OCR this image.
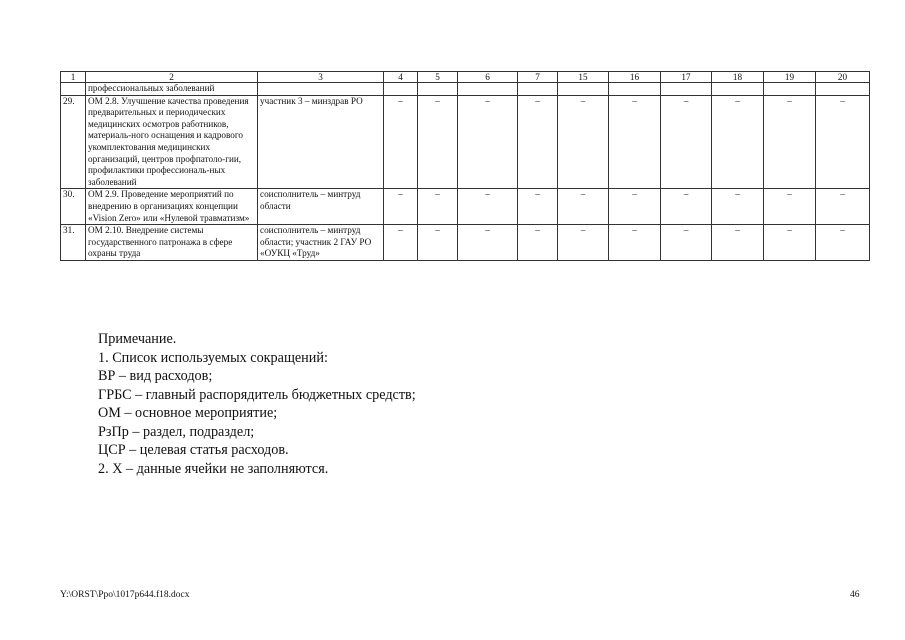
1	2	3	4	5	6	7	15	16	17	18	19	20
	профессиональных заболеваний											
29.	ОМ 2.8. Улучшение качества проведения предварительных и периодических медицинских осмотров работников, материаль-ного оснащения и кадрового укомплектования медицинских организаций, центров профпатоло-гии, профилактики профессиональ-ных заболеваний	участник 3 – минздрав РО	–	–	–	–	–	–	–	–	–	–
30.	ОМ 2.9. Проведение мероприятий по внедрению в организациях концепции «Vision Zero» или «Нулевой травматизм»	соисполнитель – минтруд области	–	–	–	–	–	–	–	–	–	–
31.	ОМ 2.10. Внедрение системы государственного патронажа в сфере охраны труда	соисполнитель – минтруд области; участник 2 ГАУ РО «ОУКЦ «Труд»	–	–	–	–	–	–	–	–	–	–
Примечание.
1. Список используемых сокращений:
ВР – вид расходов;
ГРБС – главный распорядитель бюджетных средств;
ОМ – основное мероприятие;
РзПр – раздел, подраздел;
ЦСР – целевая статья расходов.
2. Х – данные ячейки не заполняются.
Y:\ORST\Ppo\1017p644.f18.docx	46
